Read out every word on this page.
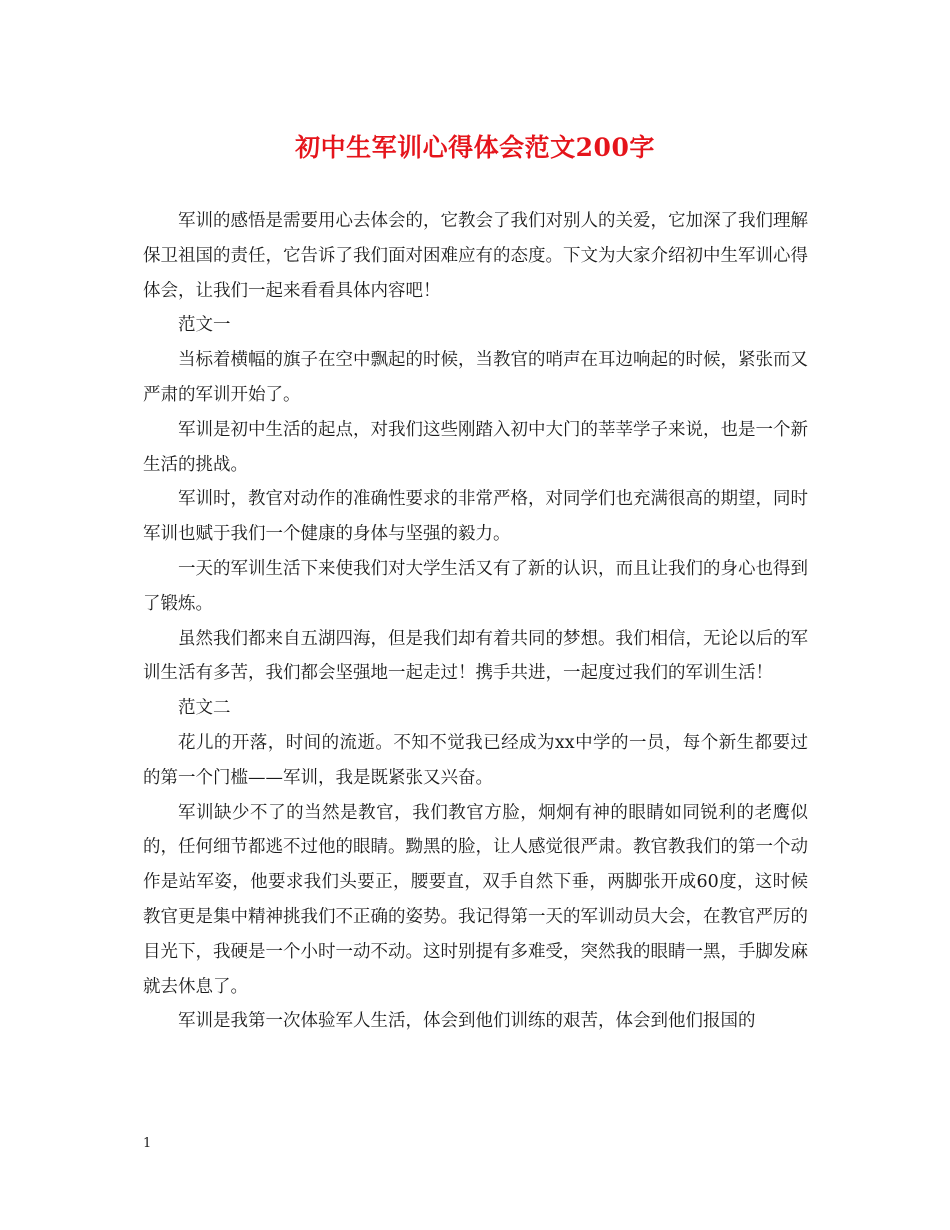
初中生军训心得体会范文200字

军训的感悟是需要用心去体会的，它教会了我们对别人的关爱，它加深了我们理解保卫祖国的责任，它告诉了我们面对困难应有的态度。下文为大家介绍初中生军训心得体会，让我们一起来看看具体内容吧！

范文一

当标着横幅的旗子在空中飘起的时候，当教官的哨声在耳边响起的时候，紧张而又严肃的军训开始了。

军训是初中生活的起点，对我们这些刚踏入初中大门的莘莘学子来说，也是一个新生活的挑战。

军训时，教官对动作的准确性要求的非常严格，对同学们也充满很高的期望，同时军训也赋于我们一个健康的身体与坚强的毅力。

一天的军训生活下来使我们对大学生活又有了新的认识，而且让我们的身心也得到了锻炼。

虽然我们都来自五湖四海，但是我们却有着共同的梦想。我们相信，无论以后的军训生活有多苦，我们都会坚强地一起走过！携手共进，一起度过我们的军训生活！

范文二

花儿的开落，时间的流逝。不知不觉我已经成为xx中学的一员，每个新生都要过的第一个门槛——军训，我是既紧张又兴奋。

军训缺少不了的当然是教官，我们教官方脸，炯炯有神的眼睛如同锐利的老鹰似的，任何细节都逃不过他的眼睛。黝黑的脸，让人感觉很严肃。教官教我们的第一个动作是站军姿，他要求我们头要正，腰要直，双手自然下垂，两脚张开成60度，这时候教官更是集中精神挑我们不正确的姿势。我记得第一天的军训动员大会，在教官严厉的目光下，我硬是一个小时一动不动。这时别提有多难受，突然我的眼睛一黑，手脚发麻就去休息了。

军训是我第一次体验军人生活，体会到他们训练的艰苦，体会到他们报国的

1
